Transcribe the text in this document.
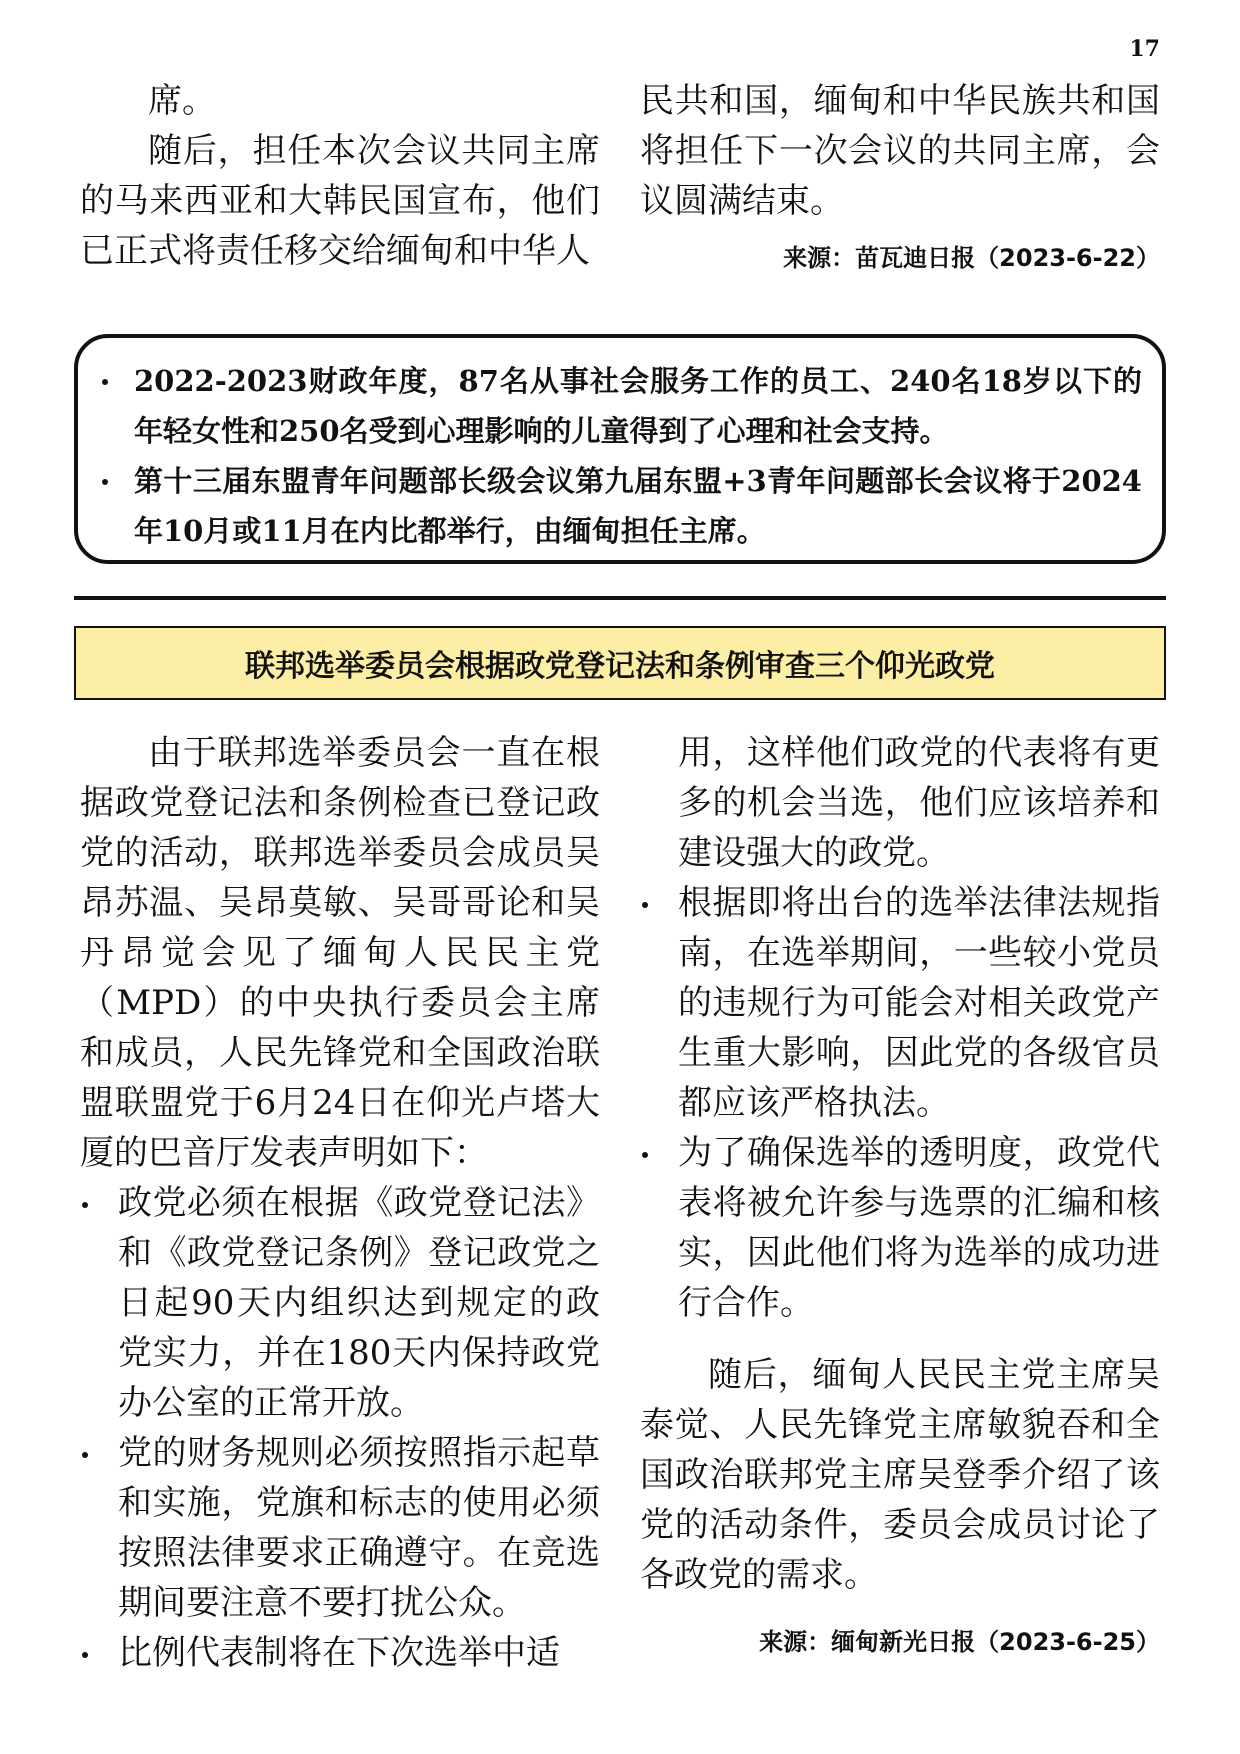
17

席。

随后，担任本次会议共同主席的马来西亚和大韩民国宣布，他们已正式将责任移交给缅甸和中华人

民共和国，缅甸和中华民族共和国将担任下一次会议的共同主席，会议圆满结束。

来源：苗瓦迪日报（2023-6-22）

2022-2023财政年度，87名从事社会服务工作的员工、240名18岁以下的年轻女性和250名受到心理影响的儿童得到了心理和社会支持。
第十三届东盟青年问题部长级会议第九届东盟+3青年问题部长会议将于2024年10月或11月在内比都举行，由缅甸担任主席。
联邦选举委员会根据政党登记法和条例审查三个仰光政党

由于联邦选举委员会一直在根据政党登记法和条例检查已登记政党的活动，联邦选举委员会成员吴昂苏温、吴昂莫敏、吴哥哥论和吴丹昂觉会见了缅甸人民民主党（MPD）的中央执行委员会主席和成员，人民先锋党和全国政治联盟联盟党于6月24日在仰光卢塔大厦的巴音厅发表声明如下：

政党必须在根据《政党登记法》和《政党登记条例》登记政党之日起90天内组织达到规定的政党实力，并在180天内保持政党办公室的正常开放。
党的财务规则必须按照指示起草和实施，党旗和标志的使用必须按照法律要求正确遵守。在竞选期间要注意不要打扰公众。
比例代表制将在下次选举中适

用，这样他们政党的代表将有更多的机会当选，他们应该培养和建设强大的政党。

根据即将出台的选举法律法规指南，在选举期间，一些较小党员的违规行为可能会对相关政党产生重大影响，因此党的各级官员都应该严格执法。
为了确保选举的透明度，政党代表将被允许参与选票的汇编和核实，因此他们将为选举的成功进行合作。

随后，缅甸人民民主党主席吴泰觉、人民先锋党主席敏貌吞和全国政治联邦党主席吴登季介绍了该党的活动条件，委员会成员讨论了各政党的需求。

来源：缅甸新光日报（2023-6-25）
